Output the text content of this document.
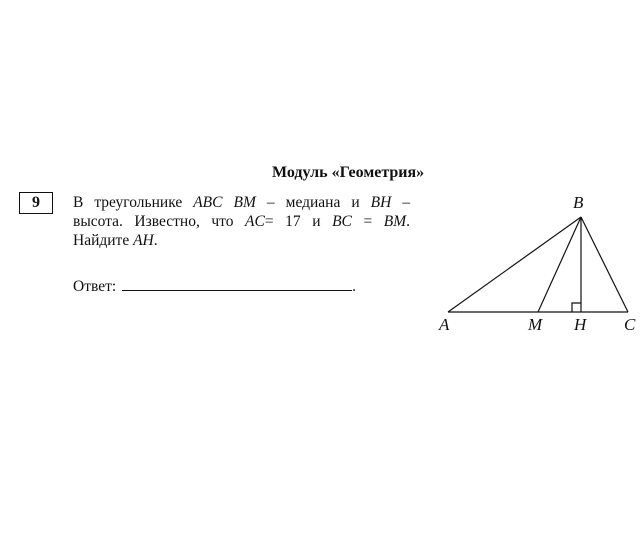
Модуль «Геометрия»
9	В треугольнике ABC BM – медиана и BH –
высота. Известно, что AC= 17 и BC = BM.
Найдите AH.
Ответ:	.
B
A	M H C
